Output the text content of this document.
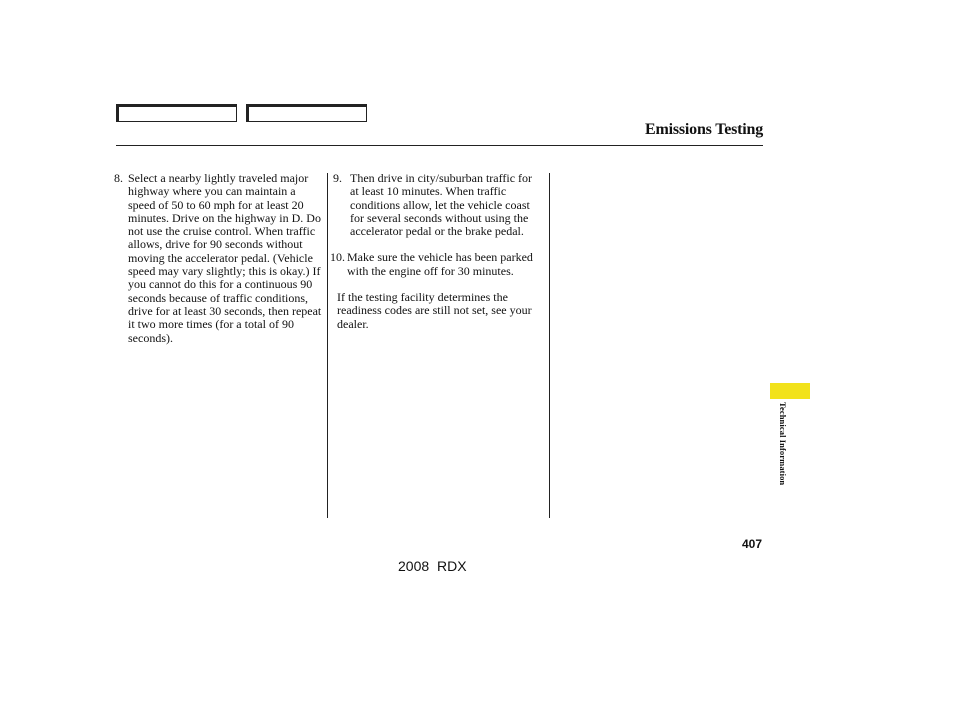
Emissions Testing
8. Select a nearby lightly traveled major highway where you can maintain a speed of 50 to 60 mph for at least 20 minutes. Drive on the highway in D. Do not use the cruise control. When traffic allows, drive for 90 seconds without moving the accelerator pedal. (Vehicle speed may vary slightly; this is okay.) If you cannot do this for a continuous 90 seconds because of traffic conditions, drive for at least 30 seconds, then repeat it two more times (for a total of 90 seconds).
9. Then drive in city/suburban traffic for at least 10 minutes. When traffic conditions allow, let the vehicle coast for several seconds without using the accelerator pedal or the brake pedal.
10. Make sure the vehicle has been parked with the engine off for 30 minutes.
If the testing facility determines the readiness codes are still not set, see your dealer.
Technical Information
407
2008 RDX
